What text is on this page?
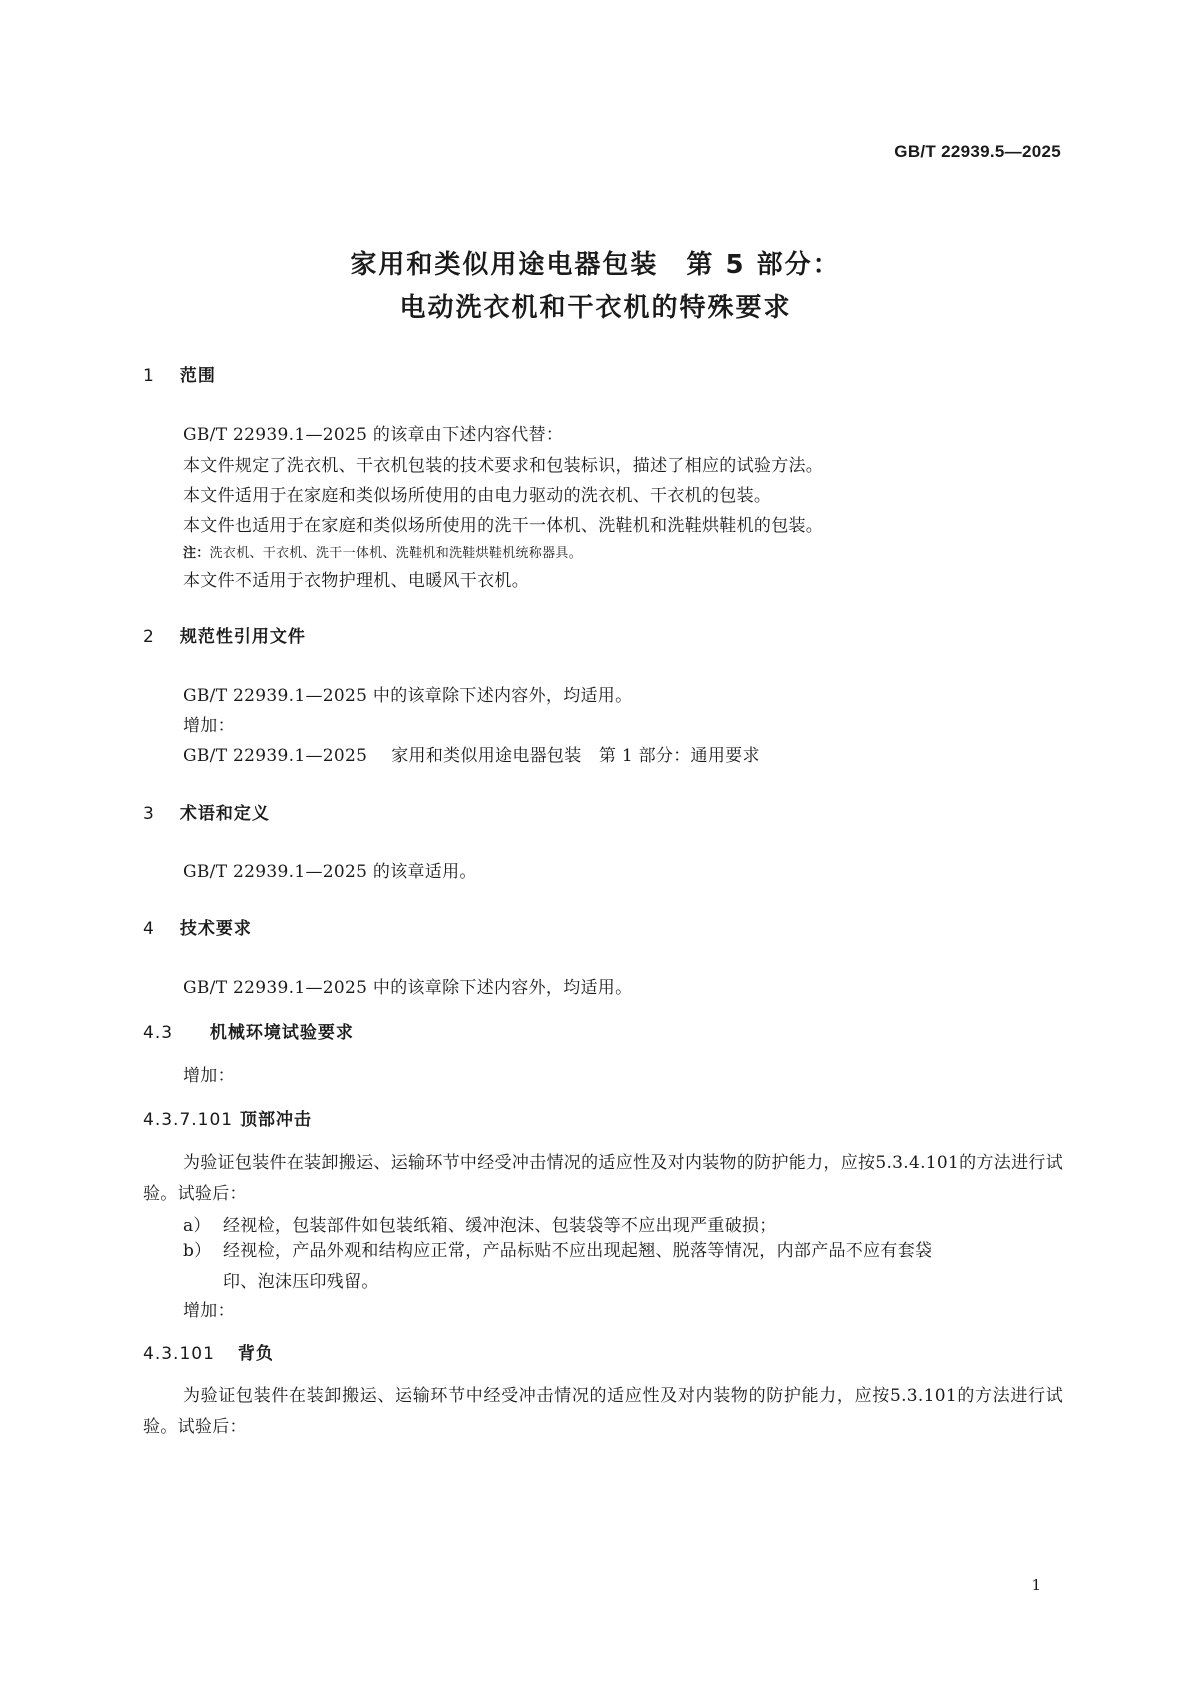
GB/T 22939.5—2025
家用和类似用途电器包装　第 5 部分：
电动洗衣机和干衣机的特殊要求
1 范围
GB/T 22939.1—2025 的该章由下述内容代替：
本文件规定了洗衣机、干衣机包装的技术要求和包装标识，描述了相应的试验方法。
本文件适用于在家庭和类似场所使用的由电力驱动的洗衣机、干衣机的包装。
本文件也适用于在家庭和类似场所使用的洗干一体机、洗鞋机和洗鞋烘鞋机的包装。
注：洗衣机、干衣机、洗干一体机、洗鞋机和洗鞋烘鞋机统称器具。
本文件不适用于衣物护理机、电暖风干衣机。
2 规范性引用文件
GB/T 22939.1—2025 中的该章除下述内容外，均适用。
增加：
GB/T 22939.1—2025 家用和类似用途电器包装　第 1 部分：通用要求
3 术语和定义
GB/T 22939.1—2025 的该章适用。
4 技术要求
GB/T 22939.1—2025 中的该章除下述内容外，均适用。
4.3 机械环境试验要求
增加：
4.3.7.101 顶部冲击
为验证包装件在装卸搬运、运输环节中经受冲击情况的适应性及对内装物的防护能力，应按5.3.4.101的方法进行试验。试验后：
a） 经视检，包装部件如包装纸箱、缓冲泡沫、包装袋等不应出现严重破损；
b） 经视检，产品外观和结构应正常，产品标贴不应出现起翘、脱落等情况，内部产品不应有套袋
印、泡沫压印残留。
增加：
4.3.101 背负
为验证包装件在装卸搬运、运输环节中经受冲击情况的适应性及对内装物的防护能力，应按5.3.101的方法进行试验。试验后：
1
